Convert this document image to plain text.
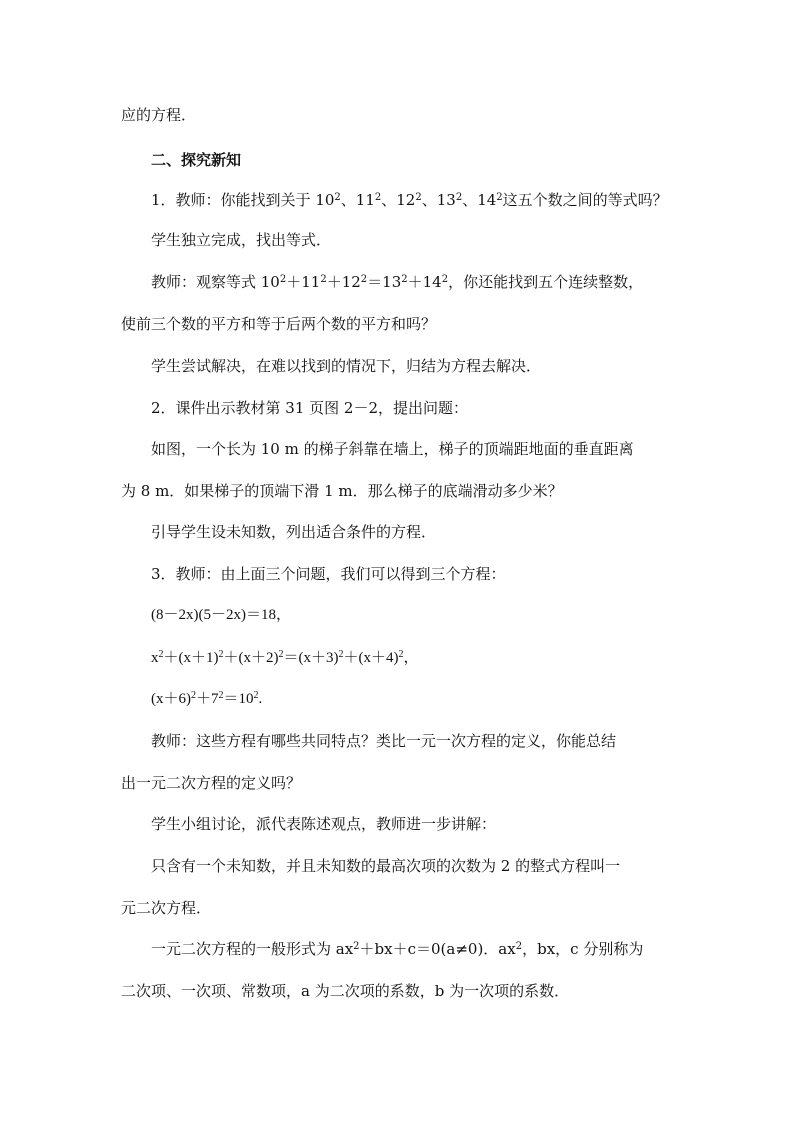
应的方程．
二、探究新知
1．教师：你能找到关于 $10^2$、$11^2$、$12^2$、$13^2$、$14^2$这五个数之间的等式吗？
学生独立完成，找出等式．
教师：观察等式 $10^2+11^2+12^2=13^2+14^2$，你还能找到五个连续整数，
使前三个数的平方和等于后两个数的平方和吗？
学生尝试解决，在难以找到的情况下，归结为方程去解决．
2．课件出示教材第 31 页图 2－2，提出问题：
如图，一个长为 10 m 的梯子斜靠在墙上，梯子的顶端距地面的垂直距离
为 8 m．如果梯子的顶端下滑 1 m．那么梯子的底端滑动多少米？
引导学生设未知数，列出适合条件的方程．
3．教师：由上面三个问题，我们可以得到三个方程：
(8－2x)(5－2x)＝18，
$x^2+(x+1)^2+(x+2)^2=(x+3)^2+(x+4)^2$，
$(x+6)^2+7^2=10^2$.
教师：这些方程有哪些共同特点？类比一元一次方程的定义，你能总结
出一元二次方程的定义吗？
学生小组讨论，派代表陈述观点，教师进一步讲解：
只含有一个未知数，并且未知数的最高次项的次数为 2 的整式方程叫一
元二次方程．
一元二次方程的一般形式为 $ax^2+bx+c=0(a\ne 0)$．$ax^2$，bx，c 分别称为
二次项、一次项、常数项，a 为二次项的系数，b 为一次项的系数．
